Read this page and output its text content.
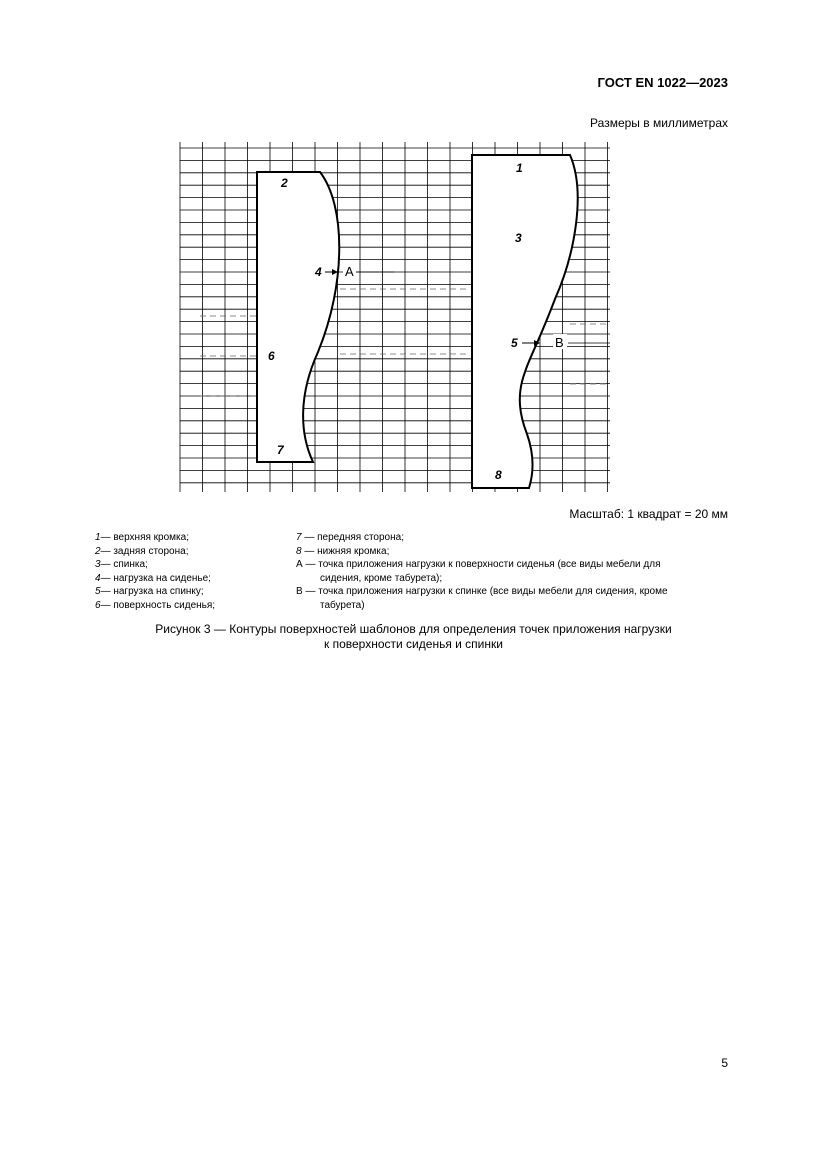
ГОСТ EN 1022—2023
Размеры в миллиметрах
2
4
6
7
1
3
5
8
A
B
Масштаб: 1 квадрат = 20 мм
1 — верхняя кромка;
2 — задняя сторона;
3 — спинка;
4 — нагрузка на сиденье;
5 — нагрузка на спинку;
6 — поверхность сиденья;
7 — передняя сторона;
8 — нижняя кромка;
А — точка приложения нагрузки к поверхности сиденья (все виды мебели для сидения, кроме табурета);
В — точка приложения нагрузки к спинке (все виды мебели для сидения, кроме табурета)
Рисунок 3 — Контуры поверхностей шаблонов для определения точек приложения нагрузки
к поверхности сиденья и спинки
5
